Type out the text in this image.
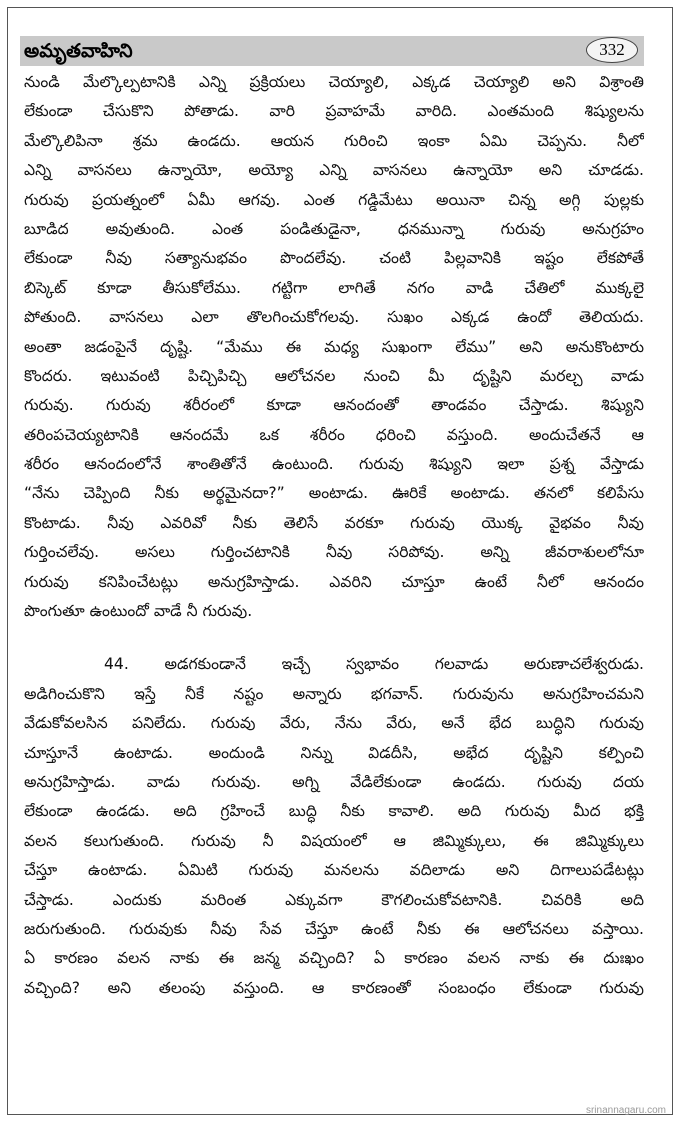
అమృతవాహిని	332
నుండి మేల్కొల్పటానికి ఎన్ని ప్రక్రియలు చెయ్యాలి, ఎక్కడ చెయ్యాలి అని విశ్రాంతి
లేకుండా చేసుకొని పోతాడు. వారి ప్రవాహమే వారిది. ఎంతమంది శిష్యులను
మేల్కొలిపినా శ్రమ ఉండదు. ఆయన గురించి ఇంకా ఏమి చెప్పను. నీలో
ఎన్ని వాసనలు ఉన్నాయో, అయ్యో ఎన్ని వాసనలు ఉన్నాయో అని చూడడు.
గురువు ప్రయత్నంలో ఏమీ ఆగవు. ఎంత గడ్డిమేటు అయినా చిన్న అగ్గి పుల్లకు
బూడిద అవుతుంది. ఎంత పండితుడైనా, ధనమున్నా గురువు అనుగ్రహం
లేకుండా నీవు సత్యానుభవం పొందలేవు. చంటి పిల్లవానికి ఇష్టం లేకపోతే
బిస్కెట్ కూడా తీసుకోలేము. గట్టిగా లాగితే నగం వాడి చేతిలో ముక్కలై
పోతుంది. వాసనలు ఎలా తొలగించుకోగలవు. సుఖం ఎక్కడ ఉందో తెలియదు.
అంతా జడంపైనే దృష్టి. “మేము ఈ మధ్య సుఖంగా లేము” అని అనుకొంటారు
కొందరు. ఇటువంటి పిచ్చిపిచ్చి ఆలోచనల నుంచి మీ దృష్టిని మరల్చ వాడు
గురువు. గురువు శరీరంలో కూడా ఆనందంతో తాండవం చేస్తాడు. శిష్యుని
తరింపచెయ్యటానికి ఆనందమే ఒక శరీరం ధరించి వస్తుంది. అందుచేతనే ఆ
శరీరం ఆనందంలోనే శాంతితోనే ఉంటుంది. గురువు శిష్యుని ఇలా ప్రశ్న వేస్తాడు
“నేను చెప్పింది నీకు అర్థమైనదా?” అంటాడు. ఊరికే అంటాడు. తనలో కలిపేసు
కొంటాడు. నీవు ఎవరివో నీకు తెలిసే వరకూ గురువు యొక్క వైభవం నీవు
గుర్తించలేవు. అసలు గుర్తించటానికి నీవు సరిపోవు. అన్ని జీవరాశులలోనూ
గురువు కనిపించేటట్లు అనుగ్రహిస్తాడు. ఎవరిని చూస్తూ ఉంటే నీలో ఆనందం
పొంగుతూ ఉంటుందో వాడే నీ గురువు.
44. అడగకుండానే ఇచ్చే స్వభావం గలవాడు అరుణాచలేశ్వరుడు.
అడిగించుకొని ఇస్తే నీకే నష్టం అన్నారు భగవాన్. గురువును అనుగ్రహించమని
వేడుకోవలసిన పనిలేదు. గురువు వేరు, నేను వేరు, అనే భేద బుద్ధిని గురువు
చూస్తూనే ఉంటాడు. అందుండి నిన్ను విడదీసి, అభేద దృష్టిని కల్పించి
అనుగ్రహిస్తాడు. వాడు గురువు. అగ్ని వేడిలేకుండా ఉండదు. గురువు దయ
లేకుండా ఉండడు. అది గ్రహించే బుద్ధి నీకు కావాలి. అది గురువు మీద భక్తి
వలన కలుగుతుంది. గురువు నీ విషయంలో ఆ జిమ్మిక్కులు, ఈ జిమ్మిక్కులు
చేస్తూ ఉంటాడు. ఏమిటి గురువు మనలను వదిలాడు అని దిగాలుపడేటట్లు
చేస్తాడు. ఎందుకు మరింత ఎక్కువగా కౌగలించుకోవటానికి. చివరికి అది
జరుగుతుంది. గురువుకు నీవు సేవ చేస్తూ ఉంటే నీకు ఈ ఆలోచనలు వస్తాయి.
ఏ కారణం వలన నాకు ఈ జన్మ వచ్చింది? ఏ కారణం వలన నాకు ఈ దుఃఖం
వచ్చింది? అని తలంపు వస్తుంది. ఆ కారణంతో సంబంధం లేకుండా గురువు
srinannagaru.com
